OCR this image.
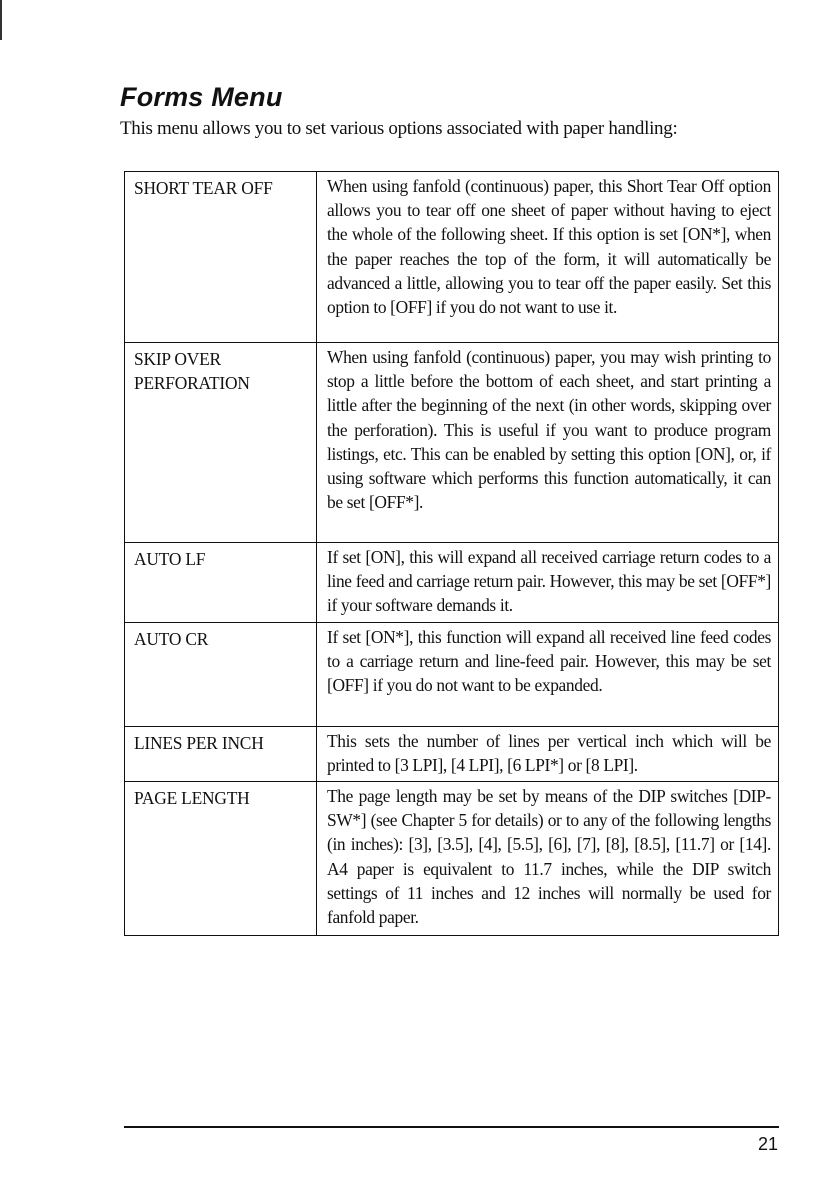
Forms Menu

This menu allows you to set various options associated with paper handling:

SHORT TEAR OFF	When using fanfold (continuous) paper, this Short Tear Off option allows you to tear off one sheet of paper without having to eject the whole of the following sheet. If this option is set [ON*], when the paper reaches the top of the form, it will automatically be advanced a little, allowing you to tear off the paper easily. Set this option to [OFF] if you do not want to use it.
SKIP OVER PERFORATION	When using fanfold (continuous) paper, you may wish printing to stop a little before the bottom of each sheet, and start printing a little after the beginning of the next (in other words, skipping over the perforation). This is useful if you want to produce program listings, etc. This can be enabled by setting this option [ON], or, if using software which performs this function automatically, it can be set [OFF*].
AUTO LF	If set [ON], this will expand all received carriage return codes to a line feed and carriage return pair. However, this may be set [OFF*] if your software demands it.
AUTO CR	If set [ON*], this function will expand all received line feed codes to a carriage return and line-feed pair. However, this may be set [OFF] if you do not want to be expanded.
LINES PER INCH	This sets the number of lines per vertical inch which will be printed to [3 LPI], [4 LPI], [6 LPI*] or [8 LPI].
PAGE LENGTH	The page length may be set by means of the DIP switches [DIP-SW*] (see Chapter 5 for details) or to any of the following lengths (in inches): [3], [3.5], [4], [5.5], [6], [7], [8], [8.5], [11.7] or [14]. A4 paper is equivalent to 11.7 inches, while the DIP switch settings of 11 inches and 12 inches will normally be used for fanfold paper.

21
